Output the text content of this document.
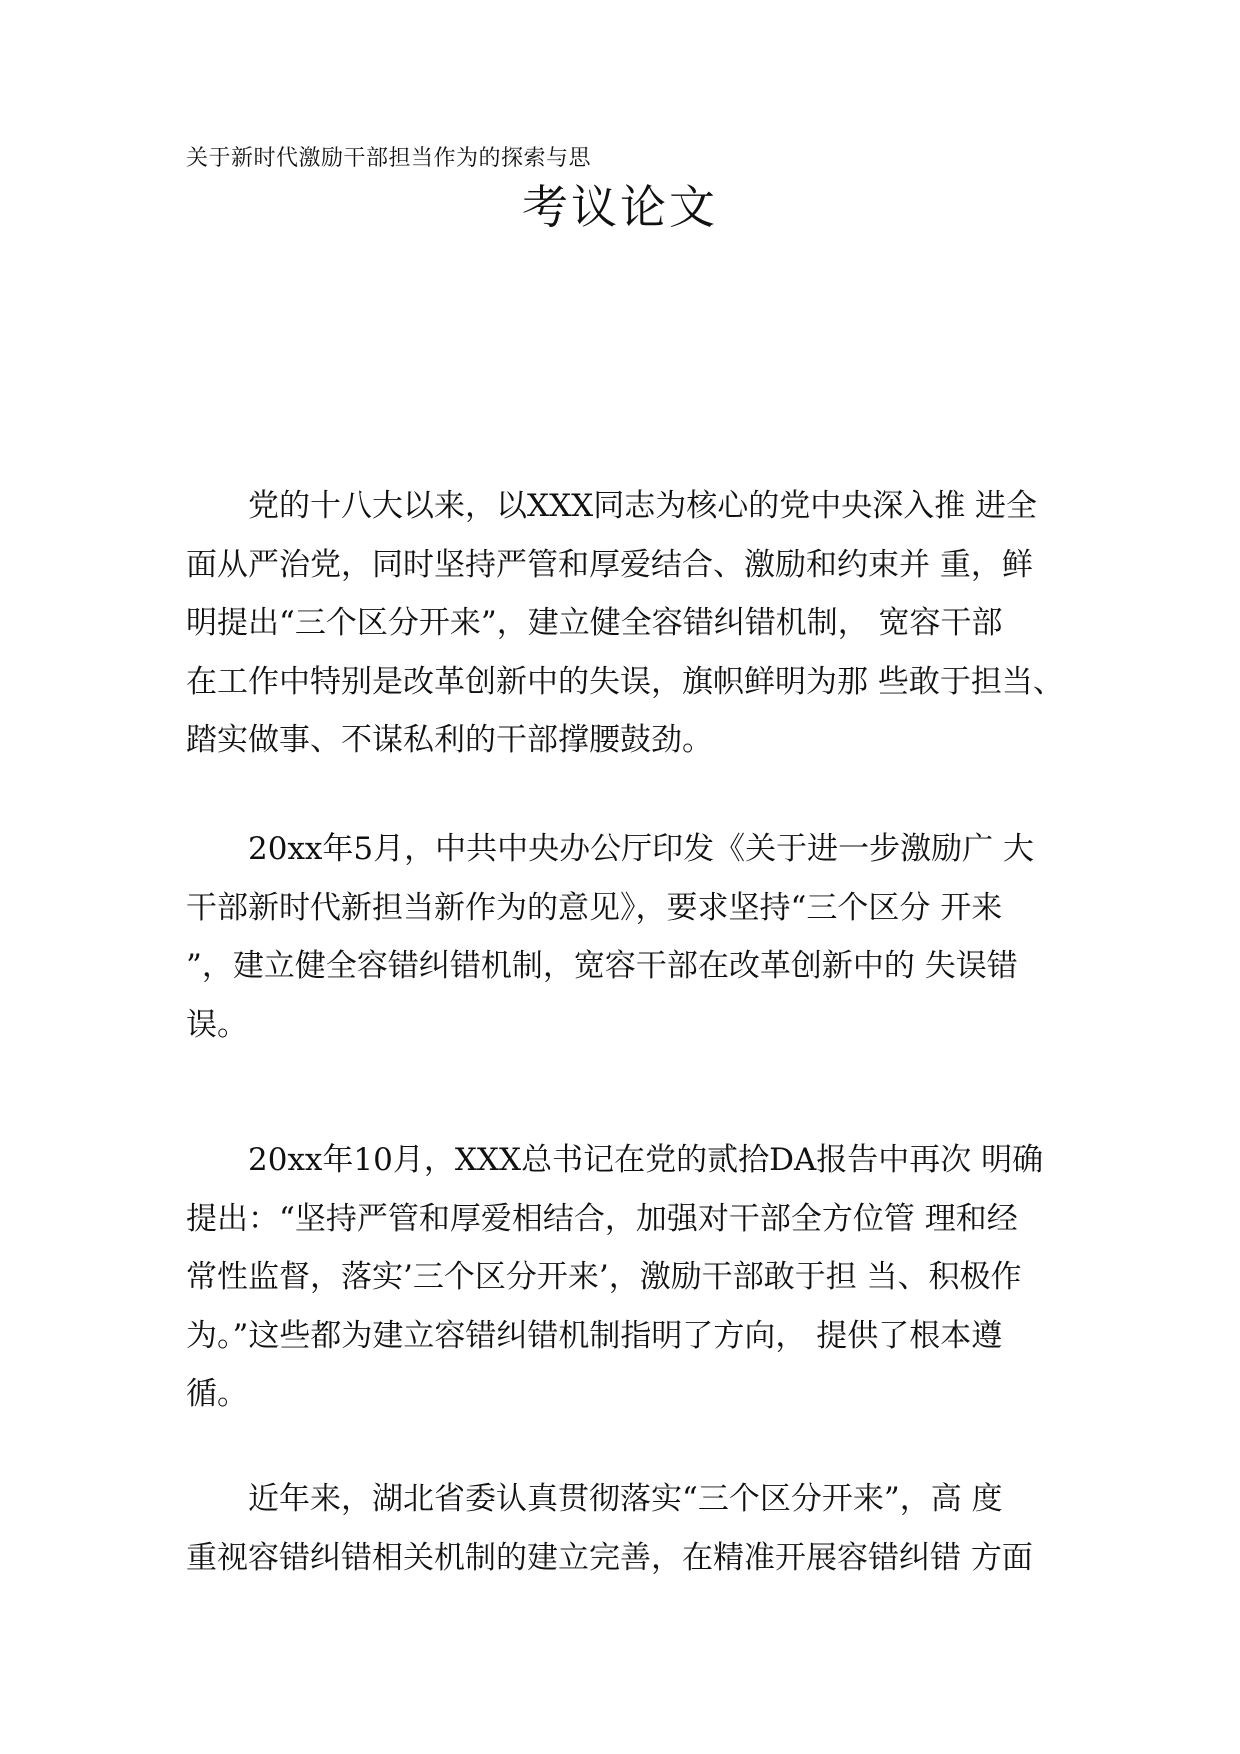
关于新时代激励干部担当作为的探索与思
考议论文
党的十八大以来，以XXX同志为核心的党中央深入推 进全
面从严治党，同时坚持严管和厚爱结合、激励和约束并 重，鲜
明提出“三个区分开来”，建立健全容错纠错机制， 宽容干部
在工作中特别是改革创新中的失误，旗帜鲜明为那 些敢于担当、
踏实做事、不谋私利的干部撑腰鼓劲。
20xx年5月，中共中央办公厅印发《关于进一步激励广 大
干部新时代新担当新作为的意见》，要求坚持“三个区分 开来
”，建立健全容错纠错机制，宽容干部在改革创新中的 失误错
误。
20xx年10月，XXX总书记在党的贰拾DA报告中再次 明确
提出：“坚持严管和厚爱相结合，加强对干部全方位管 理和经
常性监督，落实’三个区分开来’，激励干部敢于担 当、积极作
为。”这些都为建立容错纠错机制指明了方向， 提供了根本遵
循。
近年来，湖北省委认真贯彻落实“三个区分开来”，高 度
重视容错纠错相关机制的建立完善，在精准开展容错纠错 方面
